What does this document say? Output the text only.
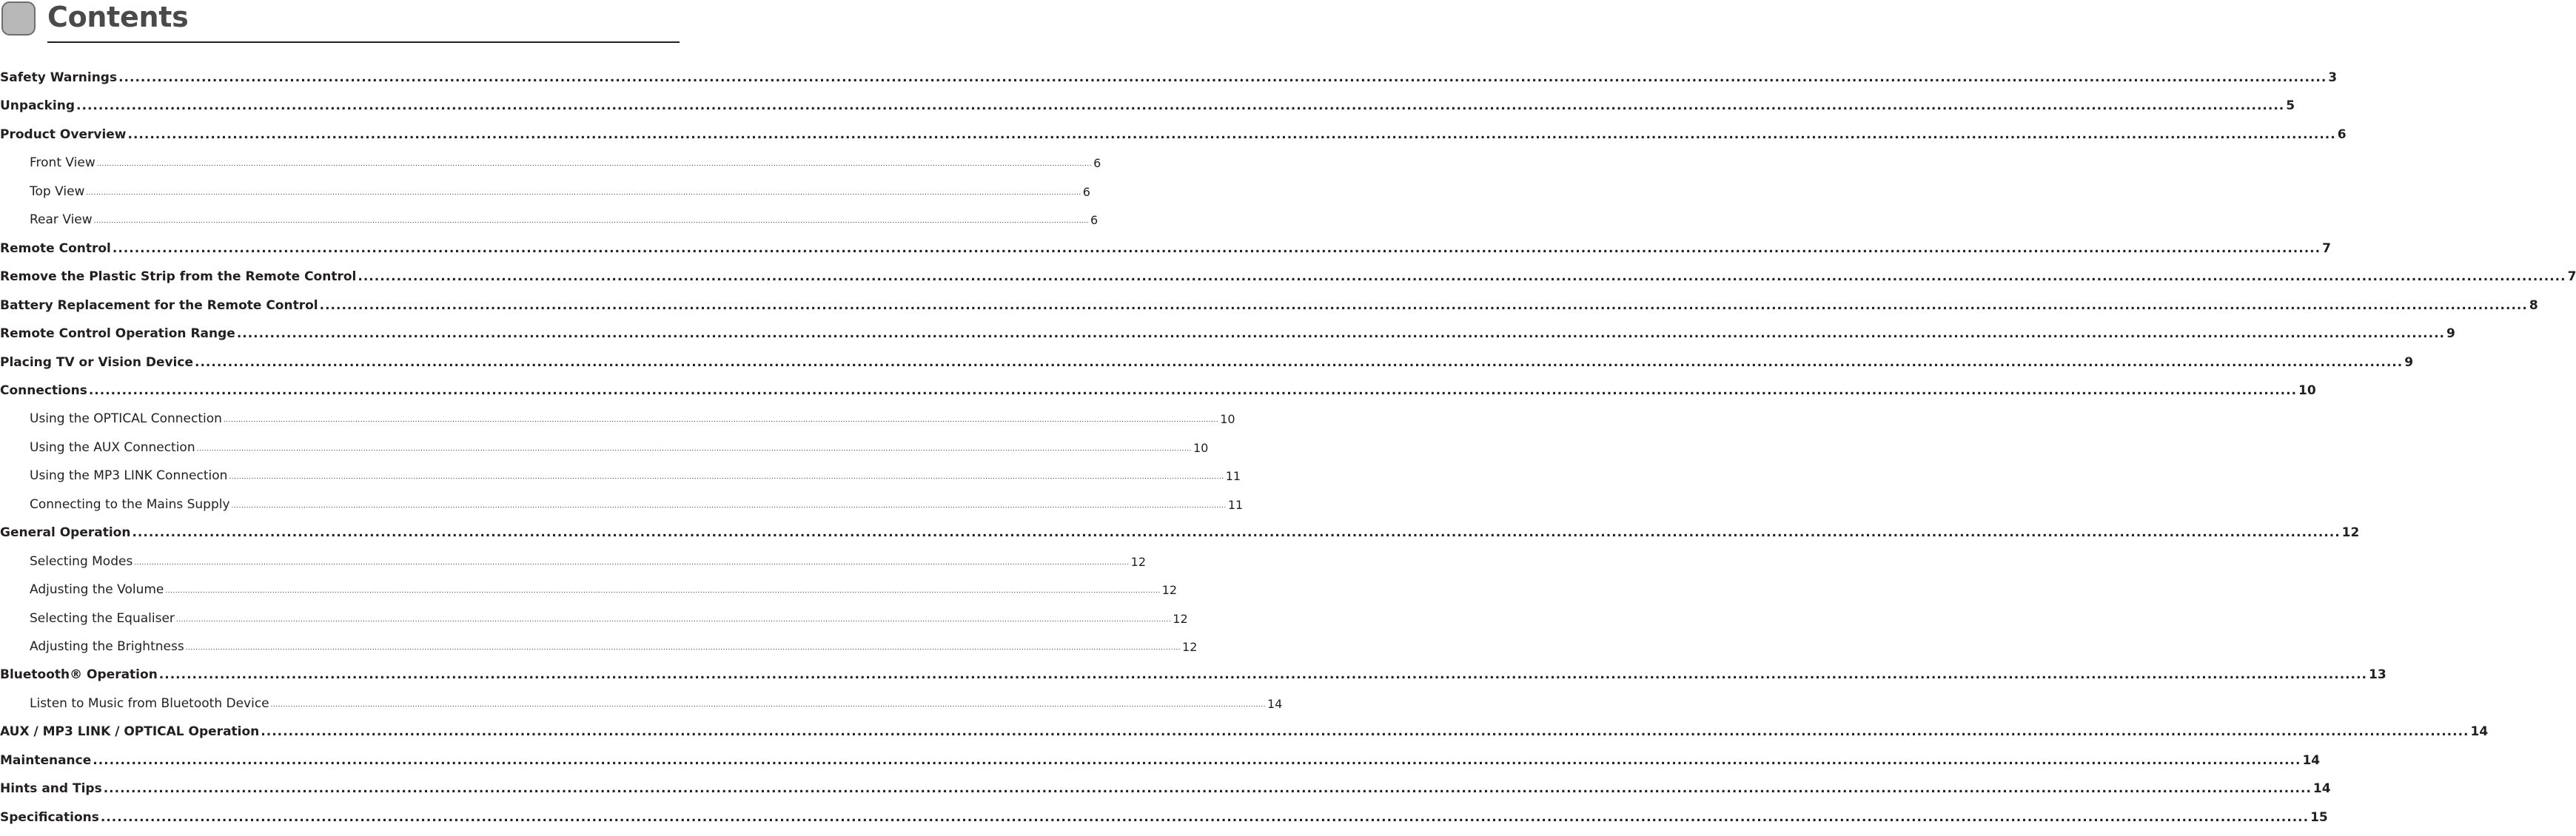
Contents
Safety Warnings ................................................................................................................................................................................................................................................................................................................................................................................................................ 3
Unpacking ................................................................................................................................................................................................................................................................................................................................................................................................................ 5
Product Overview ................................................................................................................................................................................................................................................................................................................................................................................................................ 6
Front View ................................................................................................................................................................................................................................................................................................................................................................................................................ 6
Top View ................................................................................................................................................................................................................................................................................................................................................................................................................ 6
Rear View ................................................................................................................................................................................................................................................................................................................................................................................................................ 6
Remote Control ................................................................................................................................................................................................................................................................................................................................................................................................................ 7
Remove the Plastic Strip from the Remote Control ................................................................................................................................................................................................................................................................................................................................................................................................................ 7
Battery Replacement for the Remote Control ................................................................................................................................................................................................................................................................................................................................................................................................................ 8
Remote Control Operation Range ................................................................................................................................................................................................................................................................................................................................................................................................................ 9
Placing TV or Vision Device ................................................................................................................................................................................................................................................................................................................................................................................................................ 9
Connections ................................................................................................................................................................................................................................................................................................................................................................................................................ 10
Using the OPTICAL Connection ................................................................................................................................................................................................................................................................................................................................................................................................................ 10
Using the AUX Connection ................................................................................................................................................................................................................................................................................................................................................................................................................ 10
Using the MP3 LINK Connection ................................................................................................................................................................................................................................................................................................................................................................................................................ 11
Connecting to the Mains Supply ................................................................................................................................................................................................................................................................................................................................................................................................................ 11
General Operation ................................................................................................................................................................................................................................................................................................................................................................................................................ 12
Selecting Modes ................................................................................................................................................................................................................................................................................................................................................................................................................ 12
Adjusting the Volume ................................................................................................................................................................................................................................................................................................................................................................................................................ 12
Selecting the Equaliser ................................................................................................................................................................................................................................................................................................................................................................................................................ 12
Adjusting the Brightness ................................................................................................................................................................................................................................................................................................................................................................................................................ 12
Bluetooth® Operation ................................................................................................................................................................................................................................................................................................................................................................................................................ 13
Listen to Music from Bluetooth Device ................................................................................................................................................................................................................................................................................................................................................................................................................ 14
AUX / MP3 LINK / OPTICAL Operation ................................................................................................................................................................................................................................................................................................................................................................................................................ 14
Maintenance ................................................................................................................................................................................................................................................................................................................................................................................................................ 14
Hints and Tips ................................................................................................................................................................................................................................................................................................................................................................................................................ 14
Specifications ................................................................................................................................................................................................................................................................................................................................................................................................................ 15
